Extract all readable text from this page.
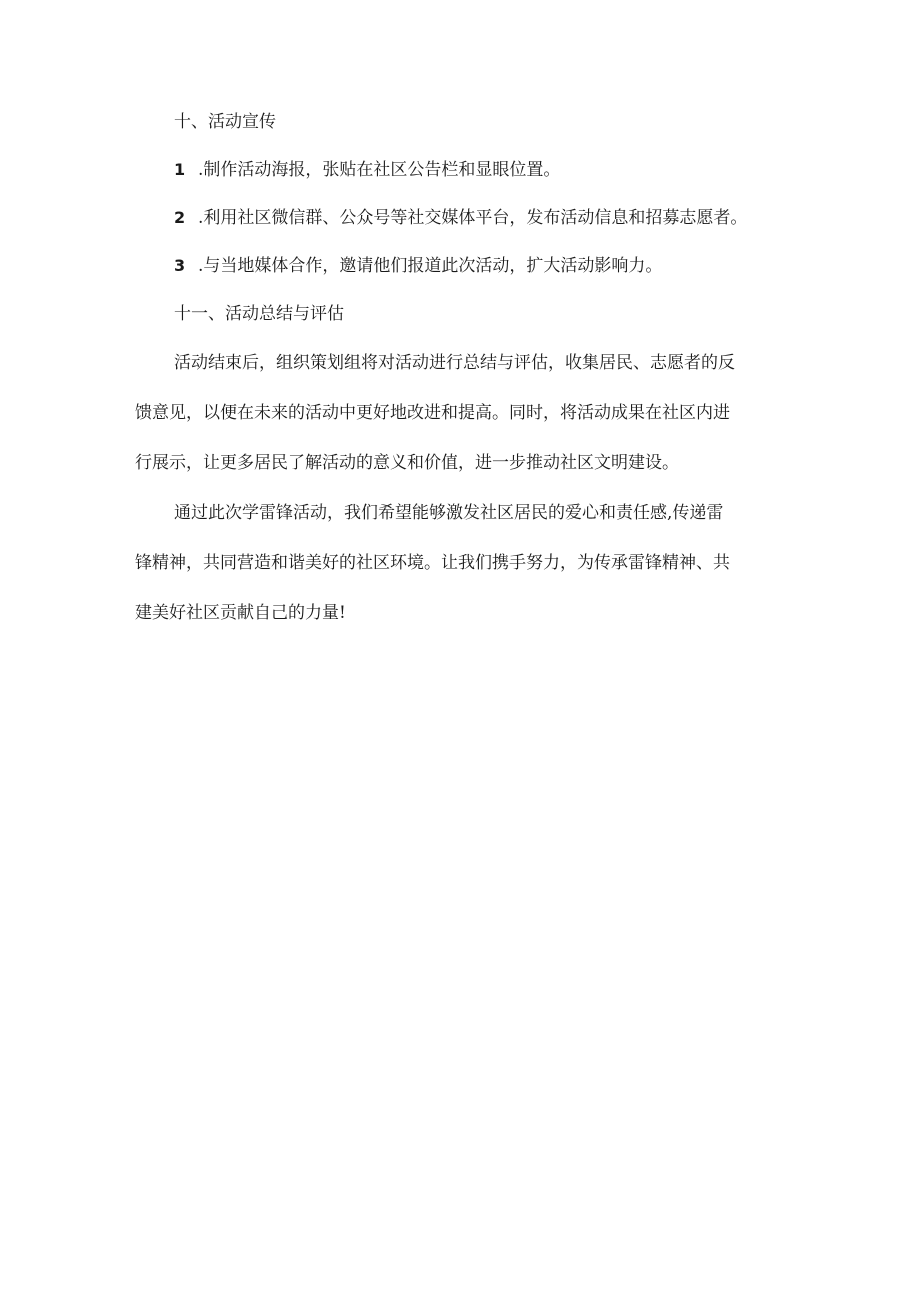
十、活动宣传

1 .制作活动海报，张贴在社区公告栏和显眼位置。

2 .利用社区微信群、公众号等社交媒体平台，发布活动信息和招募志愿者。

3 .与当地媒体合作，邀请他们报道此次活动，扩大活动影响力。

十一、活动总结与评估

活动结束后，组织策划组将对活动进行总结与评估，收集居民、志愿者的反

馈意见，以便在未来的活动中更好地改进和提高。同时，将活动成果在社区内进

行展示，让更多居民了解活动的意义和价值，进一步推动社区文明建设。

通过此次学雷锋活动，我们希望能够激发社区居民的爱心和责任感,传递雷

锋精神，共同营造和谐美好的社区环境。让我们携手努力，为传承雷锋精神、共

建美好社区贡献自己的力量!
